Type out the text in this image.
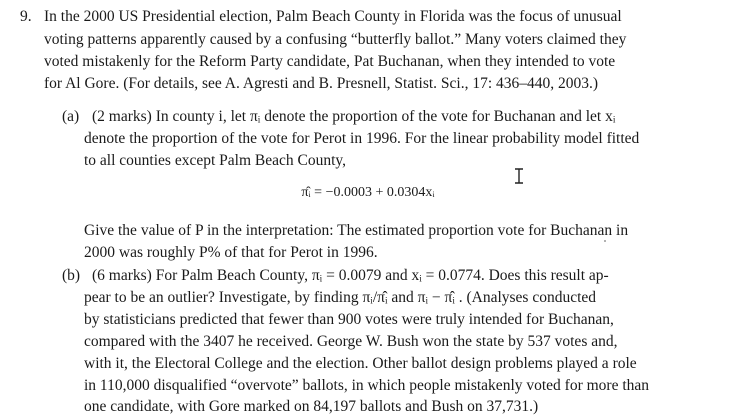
9. In the 2000 US Presidential election, Palm Beach County in Florida was the focus of unusual
voting patterns apparently caused by a confusing “butterfly ballot.” Many voters claimed they
voted mistakenly for the Reform Party candidate, Pat Buchanan, when they intended to vote
for Al Gore. (For details, see A. Agresti and B. Presnell, Statist. Sci., 17: 436–440, 2003.)
(a) (2 marks) In county i, let πᵢ denote the proportion of the vote for Buchanan and let xᵢ
denote the proportion of the vote for Perot in 1996. For the linear probability model fitted
to all counties except Palm Beach County,
π̂ᵢ = −0.0003 + 0.0304xᵢ
Give the value of P in the interpretation: The estimated proportion vote for Buchanan in
2000 was roughly P% of that for Perot in 1996.
(b) (6 marks) For Palm Beach County, πᵢ = 0.0079 and xᵢ = 0.0774. Does this result ap-
pear to be an outlier? Investigate, by finding πᵢ/π̂ᵢ and πᵢ − π̂ᵢ . (Analyses conducted
by statisticians predicted that fewer than 900 votes were truly intended for Buchanan,
compared with the 3407 he received. George W. Bush won the state by 537 votes and,
with it, the Electoral College and the election. Other ballot design problems played a role
in 110,000 disqualified “overvote” ballots, in which people mistakenly voted for more than
one candidate, with Gore marked on 84,197 ballots and Bush on 37,731.)
